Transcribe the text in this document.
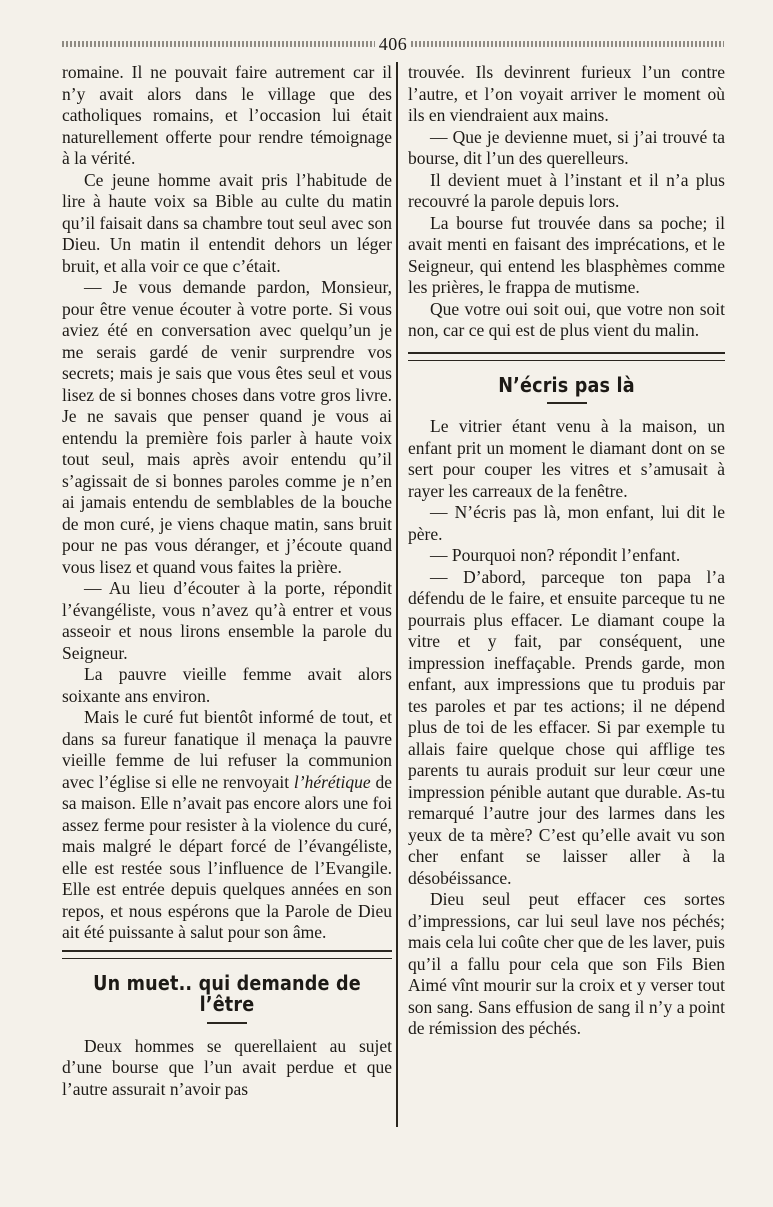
406

romaine. Il ne pouvait faire autrement car il n’y avait alors dans le village que des catholiques romains, et l’occasion lui était naturellement offerte pour rendre témoignage à la vérité.

Ce jeune homme avait pris l’habitude de lire à haute voix sa Bible au culte du matin qu’il faisait dans sa chambre tout seul avec son Dieu. Un matin il entendit dehors un léger bruit, et alla voir ce que c’était.

— Je vous demande pardon, Monsieur, pour être venue écouter à votre porte. Si vous aviez été en conversation avec quelqu’un je me serais gardé de venir surprendre vos secrets; mais je sais que vous êtes seul et vous lisez de si bonnes choses dans votre gros livre. Je ne savais que penser quand je vous ai entendu la première fois parler à haute voix tout seul, mais après avoir entendu qu’il s’agissait de si bonnes paroles comme je n’en ai jamais entendu de semblables de la bouche de mon curé, je viens chaque matin, sans bruit pour ne pas vous déranger, et j’écoute quand vous lisez et quand vous faites la prière.

— Au lieu d’écouter à la porte, répondit l’évangéliste, vous n’avez qu’à entrer et vous asseoir et nous lirons ensemble la parole du Seigneur.

La pauvre vieille femme avait alors soixante ans environ.

Mais le curé fut bientôt informé de tout, et dans sa fureur fanatique il menaça la pauvre vieille femme de lui refuser la communion avec l’église si elle ne renvoyait l’hérétique de sa maison. Elle n’avait pas encore alors une foi assez ferme pour resister à la violence du curé, mais malgré le départ forcé de l’évangéliste, elle est restée sous l’influence de l’Evangile. Elle est entrée depuis quelques années en son repos, et nous espérons que la Parole de Dieu ait été puissante à salut pour son âme.

Un muet.. qui demande de l’être

Deux hommes se querellaient au sujet d’une bourse que l’un avait perdue et que l’autre assurait n’avoir pas

trouvée. Ils devinrent furieux l’un contre l’autre, et l’on voyait arriver le moment où ils en viendraient aux mains.

— Que je devienne muet, si j’ai trouvé ta bourse, dit l’un des querelleurs.

Il devient muet à l’instant et il n’a plus recouvré la parole depuis lors.

La bourse fut trouvée dans sa poche; il avait menti en faisant des imprécations, et le Seigneur, qui entend les blasphèmes comme les prières, le frappa de mutisme.

Que votre oui soit oui, que votre non soit non, car ce qui est de plus vient du malin.

N’écris pas là

Le vitrier étant venu à la maison, un enfant prit un moment le diamant dont on se sert pour couper les vitres et s’amusait à rayer les carreaux de la fenêtre.

— N’écris pas là, mon enfant, lui dit le père.

— Pourquoi non? répondit l’enfant.

— D’abord, parceque ton papa l’a défendu de le faire, et ensuite parceque tu ne pourrais plus effacer. Le diamant coupe la vitre et y fait, par conséquent, une impression ineffaçable. Prends garde, mon enfant, aux impressions que tu produis par tes paroles et par tes actions; il ne dépend plus de toi de les effacer. Si par exemple tu allais faire quelque chose qui afflige tes parents tu aurais produit sur leur cœur une impression pénible autant que durable. As-tu remarqué l’autre jour des larmes dans les yeux de ta mère? C’est qu’elle avait vu son cher enfant se laisser aller à la désobéissance.

Dieu seul peut effacer ces sortes d’impressions, car lui seul lave nos péchés; mais cela lui coûte cher que de les laver, puis qu’il a fallu pour cela que son Fils Bien Aimé vînt mourir sur la croix et y verser tout son sang. Sans effusion de sang il n’y a point de rémission des péchés.
